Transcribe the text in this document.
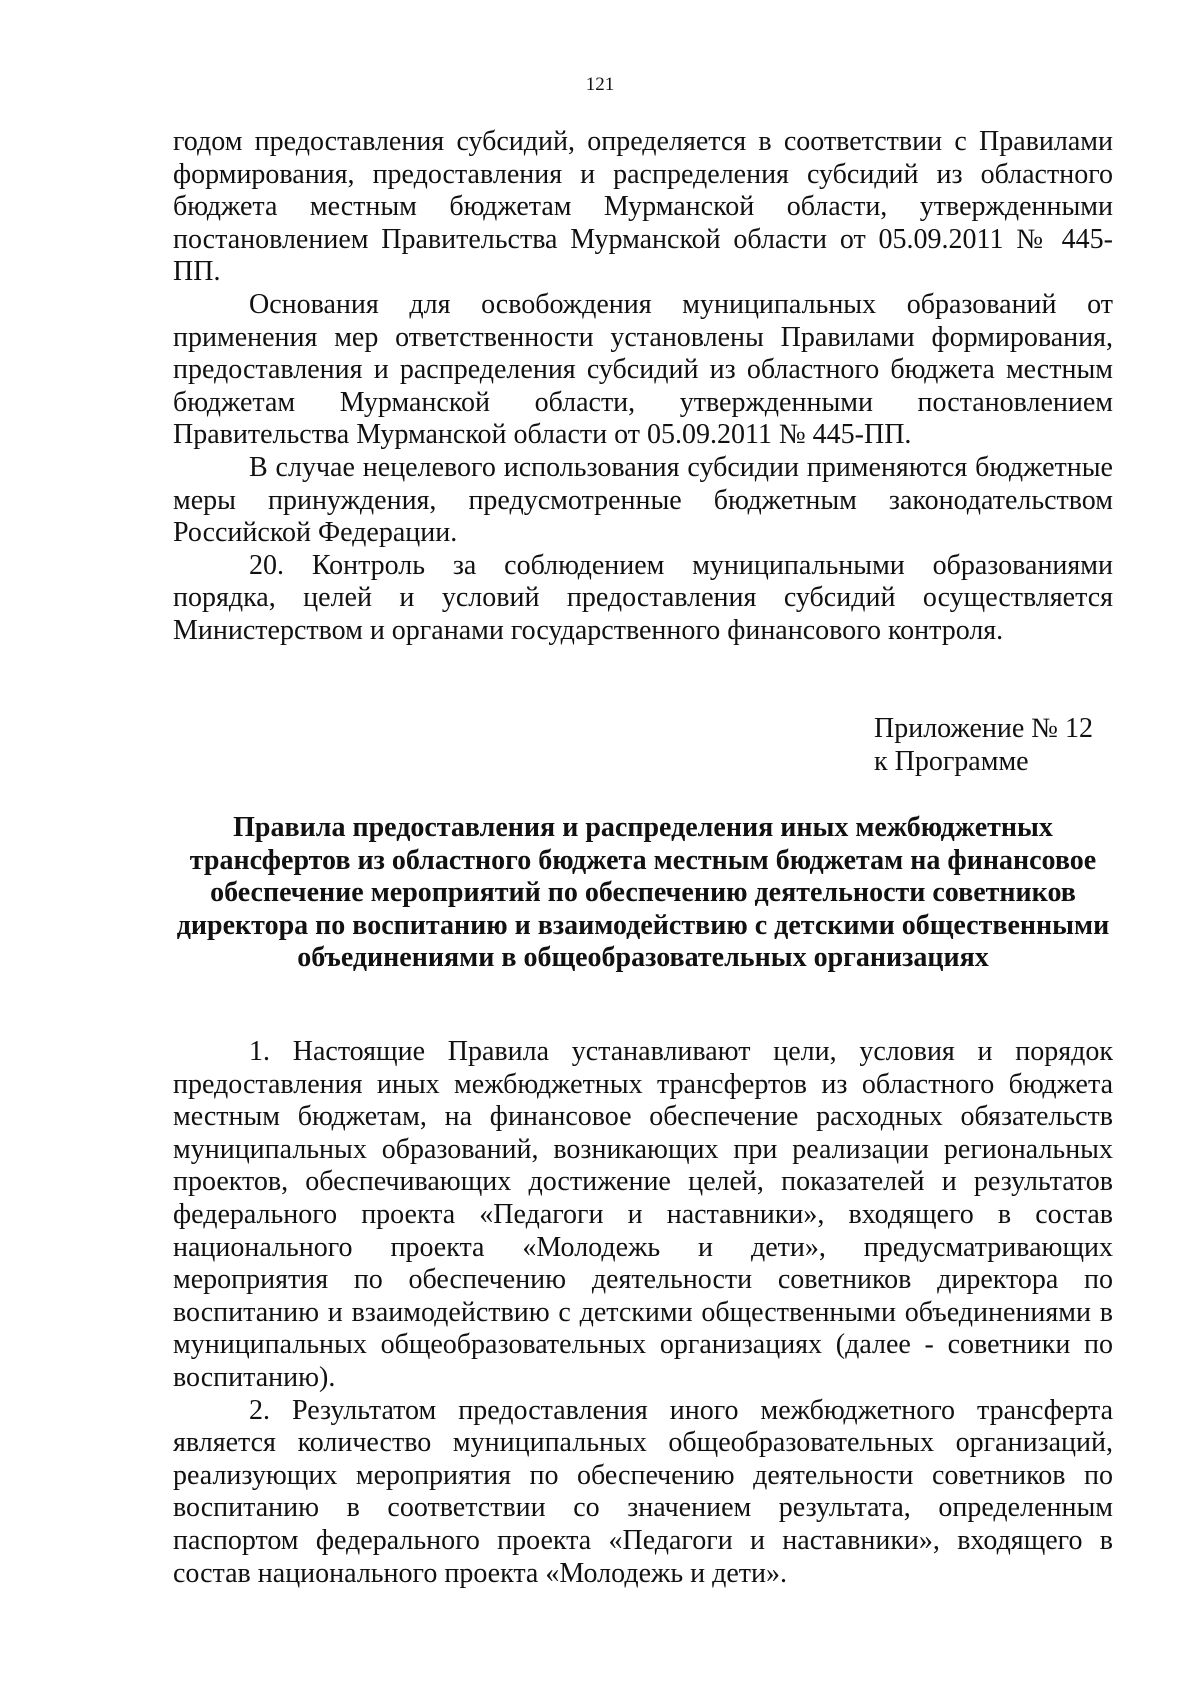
121

годом предоставления субсидий, определяется в соответствии с Правилами формирования, предоставления и распределения субсидий из областного бюджета местным бюджетам Мурманской области, утвержденными постановлением Правительства Мурманской области от 05.09.2011 № 445-ПП.

Основания для освобождения муниципальных образований от применения мер ответственности установлены Правилами формирования, предоставления и распределения субсидий из областного бюджета местным бюджетам Мурманской области, утвержденными постановлением Правительства Мурманской области от 05.09.2011 № 445-ПП.

В случае нецелевого использования субсидии применяются бюджетные меры принуждения, предусмотренные бюджетным законодательством Российской Федерации.

20. Контроль за соблюдением муниципальными образованиями порядка, целей и условий предоставления субсидий осуществляется Министерством и органами государственного финансового контроля.

Приложение № 12
к Программе
Правила предоставления и распределения иных межбюджетных
трансфертов из областного бюджета местным бюджетам на финансовое
обеспечение мероприятий по обеспечению деятельности советников
директора по воспитанию и взаимодействию с детскими общественными
объединениями в общеобразовательных организациях

1. Настоящие Правила устанавливают цели, условия и порядок предоставления иных межбюджетных трансфертов из областного бюджета местным бюджетам, на финансовое обеспечение расходных обязательств муниципальных образований, возникающих при реализации региональных проектов, обеспечивающих достижение целей, показателей и результатов федерального проекта «Педагоги и наставники», входящего в состав национального проекта «Молодежь и дети», предусматривающих мероприятия по обеспечению деятельности советников директора по воспитанию и взаимодействию с детскими общественными объединениями в муниципальных общеобразовательных организациях (далее - советники по воспитанию).

2. Результатом предоставления иного межбюджетного трансферта является количество муниципальных общеобразовательных организаций, реализующих мероприятия по обеспечению деятельности советников по воспитанию в соответствии со значением результата, определенным паспортом федерального проекта «Педагоги и наставники», входящего в состав национального проекта «Молодежь и дети».
